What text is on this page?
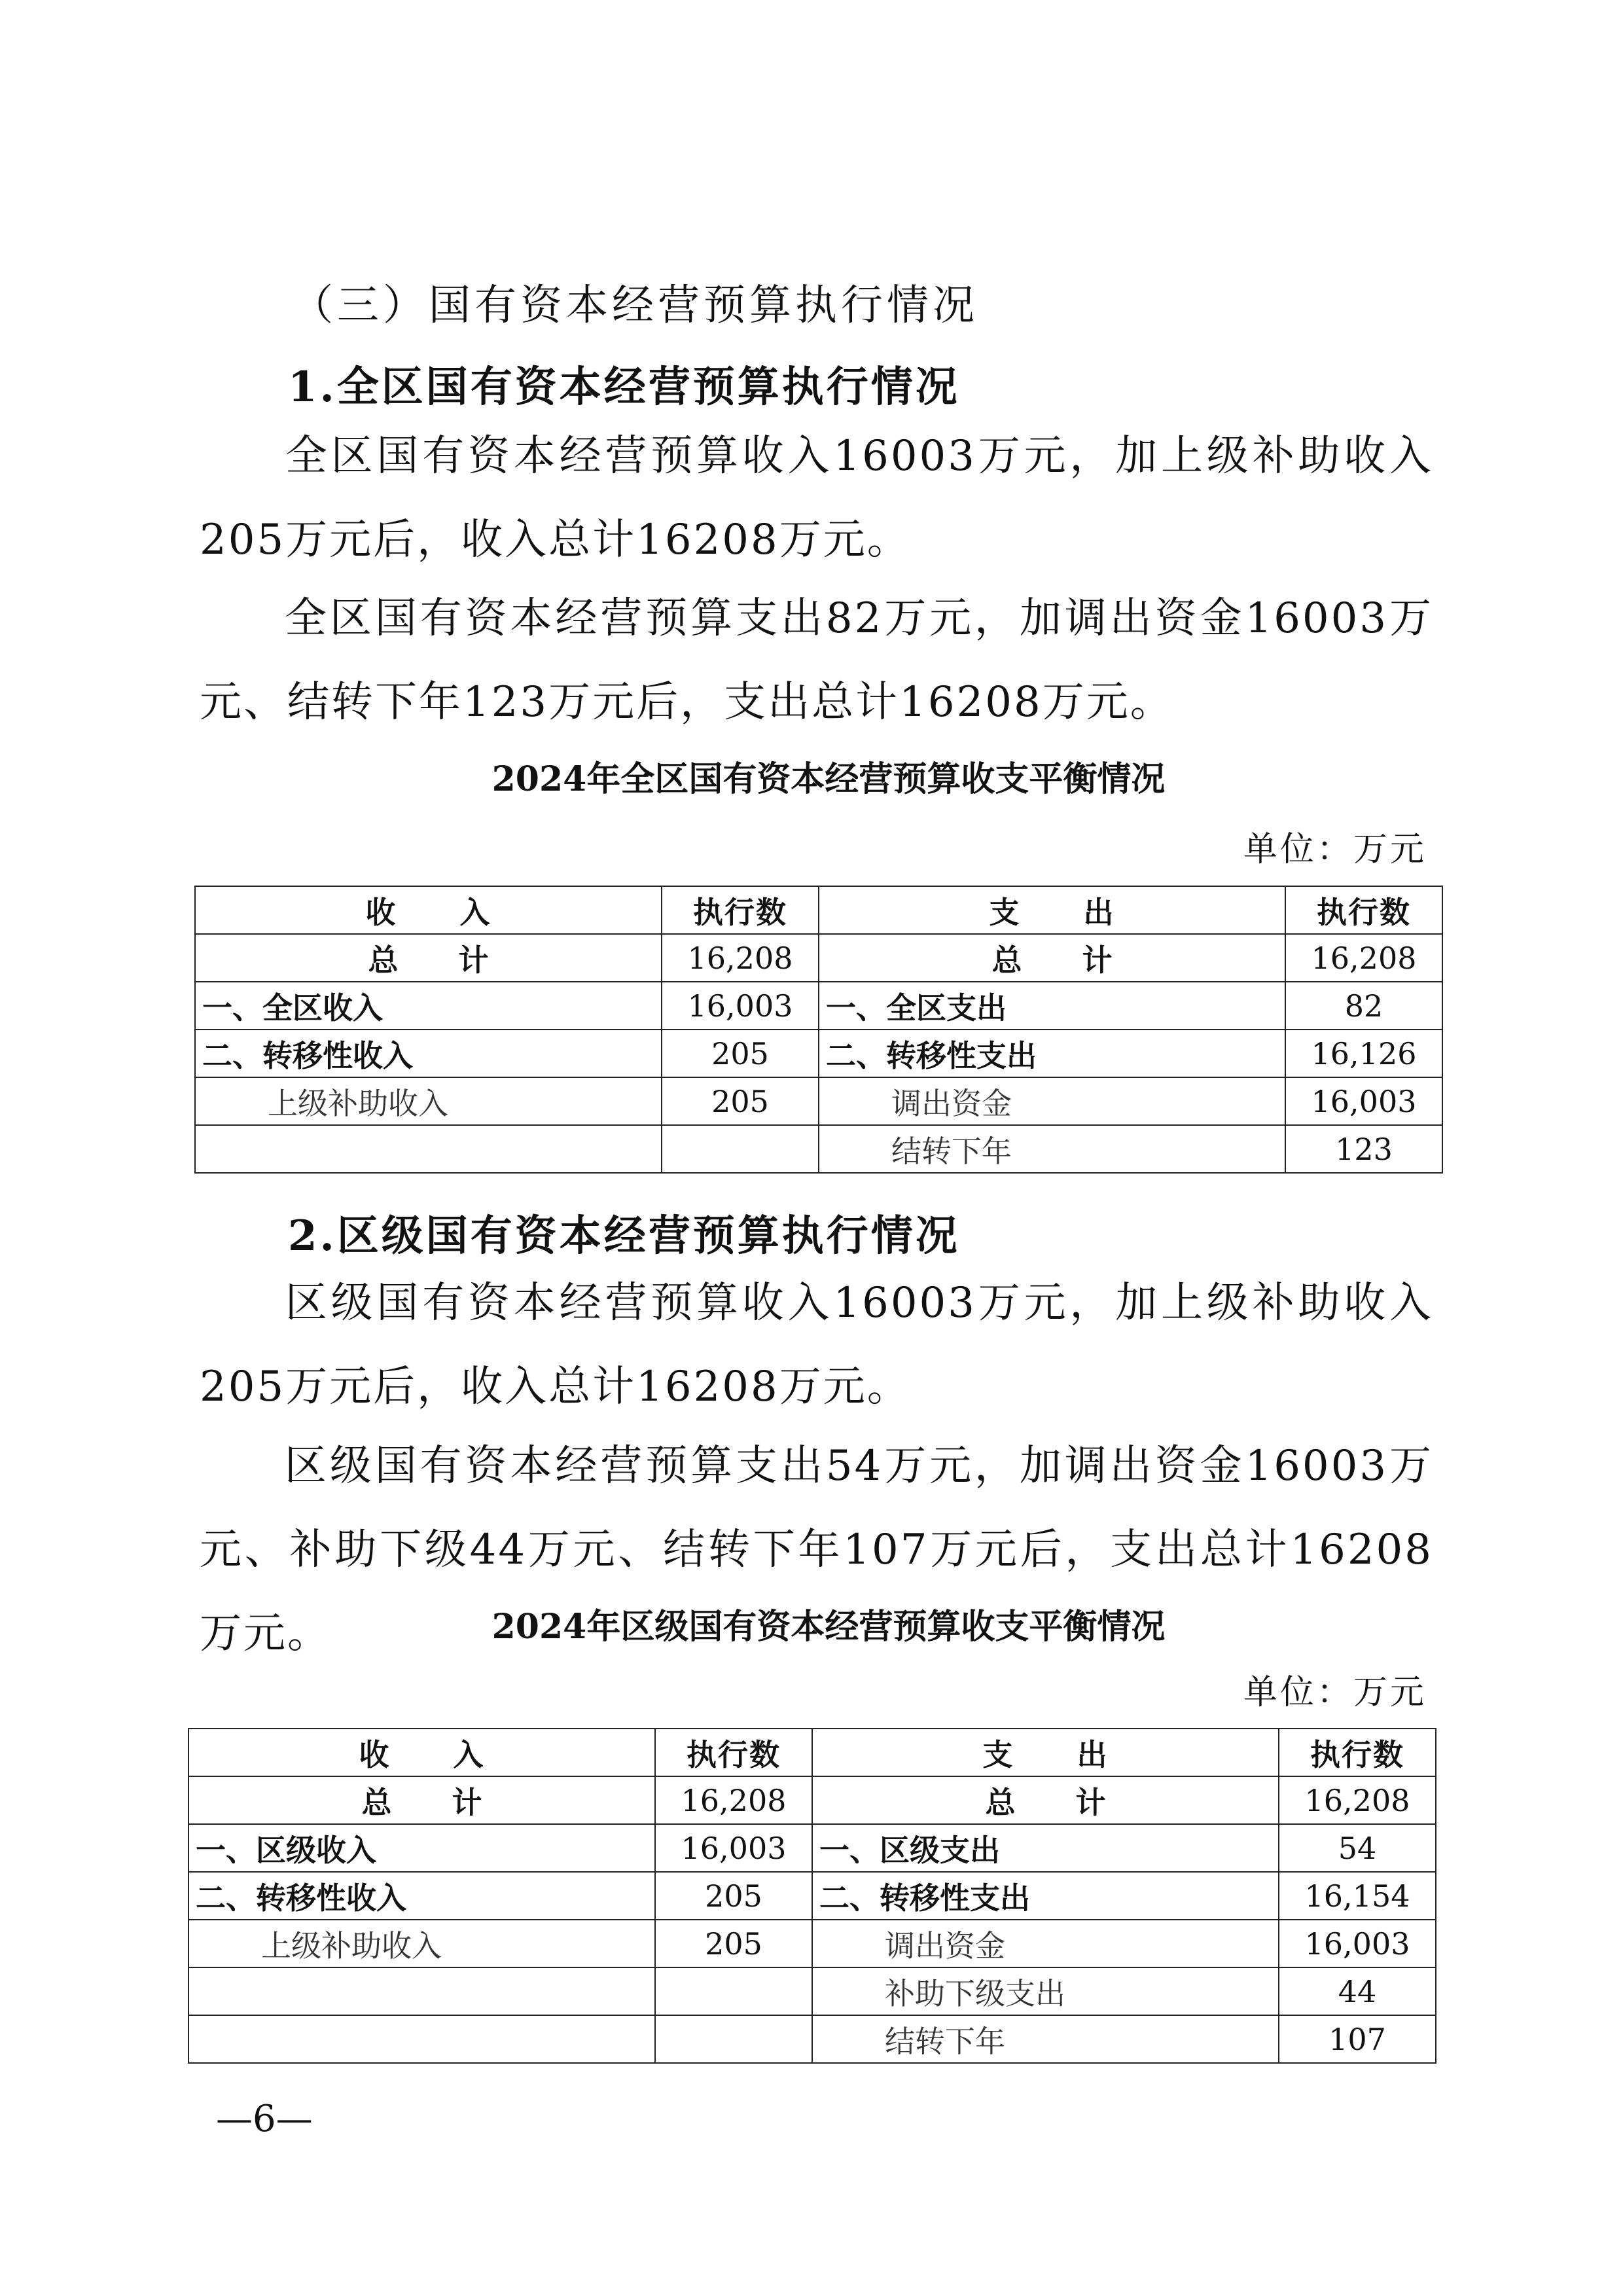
（三）国有资本经营预算执行情况
1.全区国有资本经营预算执行情况
全区国有资本经营预算收入16003万元，加上级补助收入205万元后，收入总计16208万元。
全区国有资本经营预算支出82万元，加调出资金16003万元、结转下年123万元后，支出总计16208万元。
2024年全区国有资本经营预算收支平衡情况
单位：万元
收　　入	执行数	支　　出	执行数
总　　计	16,208	总　　计	16,208
一、全区收入	16,003	一、全区支出	82
二、转移性收入	205	二、转移性支出	16,126
上级补助收入	205	调出资金	16,003
		结转下年	123
2.区级国有资本经营预算执行情况
区级国有资本经营预算收入16003万元，加上级补助收入205万元后，收入总计16208万元。
区级国有资本经营预算支出54万元，加调出资金16003万元、补助下级44万元、结转下年107万元后，支出总计16208万元。	2024年区级国有资本经营预算收支平衡情况
单位：万元
收　　入	执行数	支　　出	执行数
总　　计	16,208	总　　计	16,208
一、区级收入	16,003	一、区级支出	54
二、转移性收入	205	二、转移性支出	16,154
上级补助收入	205	调出资金	16,003
		补助下级支出	44
		结转下年	107
—6—
